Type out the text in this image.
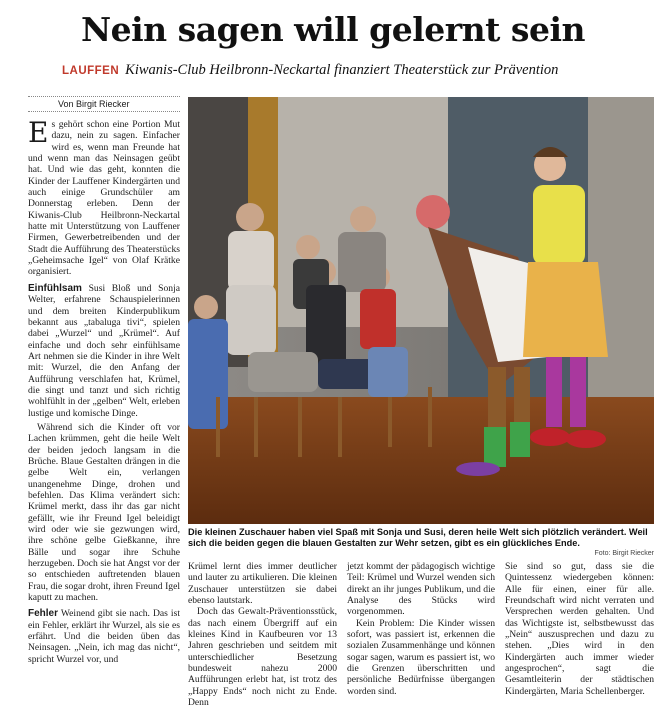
Nein sagen will gelernt sein
LAUFFEN Kiwanis-Club Heilbronn-Neckartal finanziert Theaterstück zur Prävention
Von Birgit Riecker

Es gehört schon eine Portion Mut dazu, nein zu sagen. Einfacher wird es, wenn man Freunde hat und wenn man das Neinsagen geübt hat. Und wie das geht, konnten die Kinder der Lauffener Kindergärten und auch einige Grundschüler am Donnerstag erleben. Denn der Kiwanis-Club Heilbronn-Neckartal hatte mit Unterstützung von Lauffener Firmen, Gewerbetreibenden und der Stadt die Aufführung des Theaterstücks „Geheimsache Igel“ von Olaf Krätke organisiert.

Einfühlsam Susi Bloß und Sonja Welter, erfahrene Schauspielerinnen und dem breiten Kinderpublikum bekannt aus „tabaluga tivi“, spielen dabei „Wurzel“ und „Krümel“. Auf einfache und doch sehr einfühlsame Art nehmen sie die Kinder in ihre Welt mit: Wurzel, die den Anfang der Aufführung verschlafen hat, Krümel, die singt und tanzt und sich richtig wohlfühlt in der „gelben“ Welt, erleben lustige und komische Dinge.

Während sich die Kinder oft vor Lachen krümmen, geht die heile Welt der beiden jedoch langsam in die Brüche. Blaue Gestalten drängen in die gelbe Welt ein, verlangen unangenehme Dinge, drohen und befehlen. Das Klima verändert sich: Krümel merkt, dass ihr das gar nicht gefällt, wie ihr Freund Igel beleidigt wird oder wie sie gezwungen wird, ihre schöne gelbe Gießkanne, ihre Bälle und sogar ihre Schuhe herzugeben. Doch sie hat Angst vor der so entschieden auftretenden blauen Frau, die sogar droht, ihren Freund Igel kaputt zu machen.

Fehler Weinend gibt sie nach. Das ist ein Fehler, erklärt ihr Wurzel, als sie es erfährt. Und die beiden üben das Neinsagen. „Nein, ich mag das nicht“, spricht Wurzel vor, und

Die kleinen Zuschauer haben viel Spaß mit Sonja und Susi, deren heile Welt sich plötzlich verändert. Weil sich die beiden gegen die blauen Gestalten zur Wehr setzen, gibt es ein glückliches Ende.
Foto: Birgit Riecker

Krümel lernt dies immer deutlicher und lauter zu artikulieren. Die kleinen Zuschauer unterstützen sie dabei ebenso lautstark.

Doch das Gewalt-Präventionsstück, das nach einem Übergriff auf ein kleines Kind in Kaufbeuren vor 13 Jahren geschrieben und seitdem mit unterschiedlicher Besetzung bundesweit nahezu 2000 Aufführungen erlebt hat, ist trotz des „Happy Ends“ noch nicht zu Ende. Denn

jetzt kommt der pädagogisch wichtige Teil: Krümel und Wurzel wenden sich direkt an ihr junges Publikum, und die Analyse des Stücks wird vorgenommen.

Kein Problem: Die Kinder wissen sofort, was passiert ist, erkennen die sozialen Zusammenhänge und können sogar sagen, warum es passiert ist, wo die Grenzen überschritten und persönliche Bedürfnisse übergangen worden sind.

Sie sind so gut, dass sie die Quintessenz wiedergeben können: Alle für einen, einer für alle. Freundschaft wird nicht verraten und Versprechen werden gehalten. Und das Wichtigste ist, selbstbewusst das „Nein“ auszusprechen und dazu zu stehen. „Dies wird in den Kindergärten auch immer wieder angesprochen“, sagt die Gesamtleiterin der städtischen Kindergärten, Maria Schellenberger.
